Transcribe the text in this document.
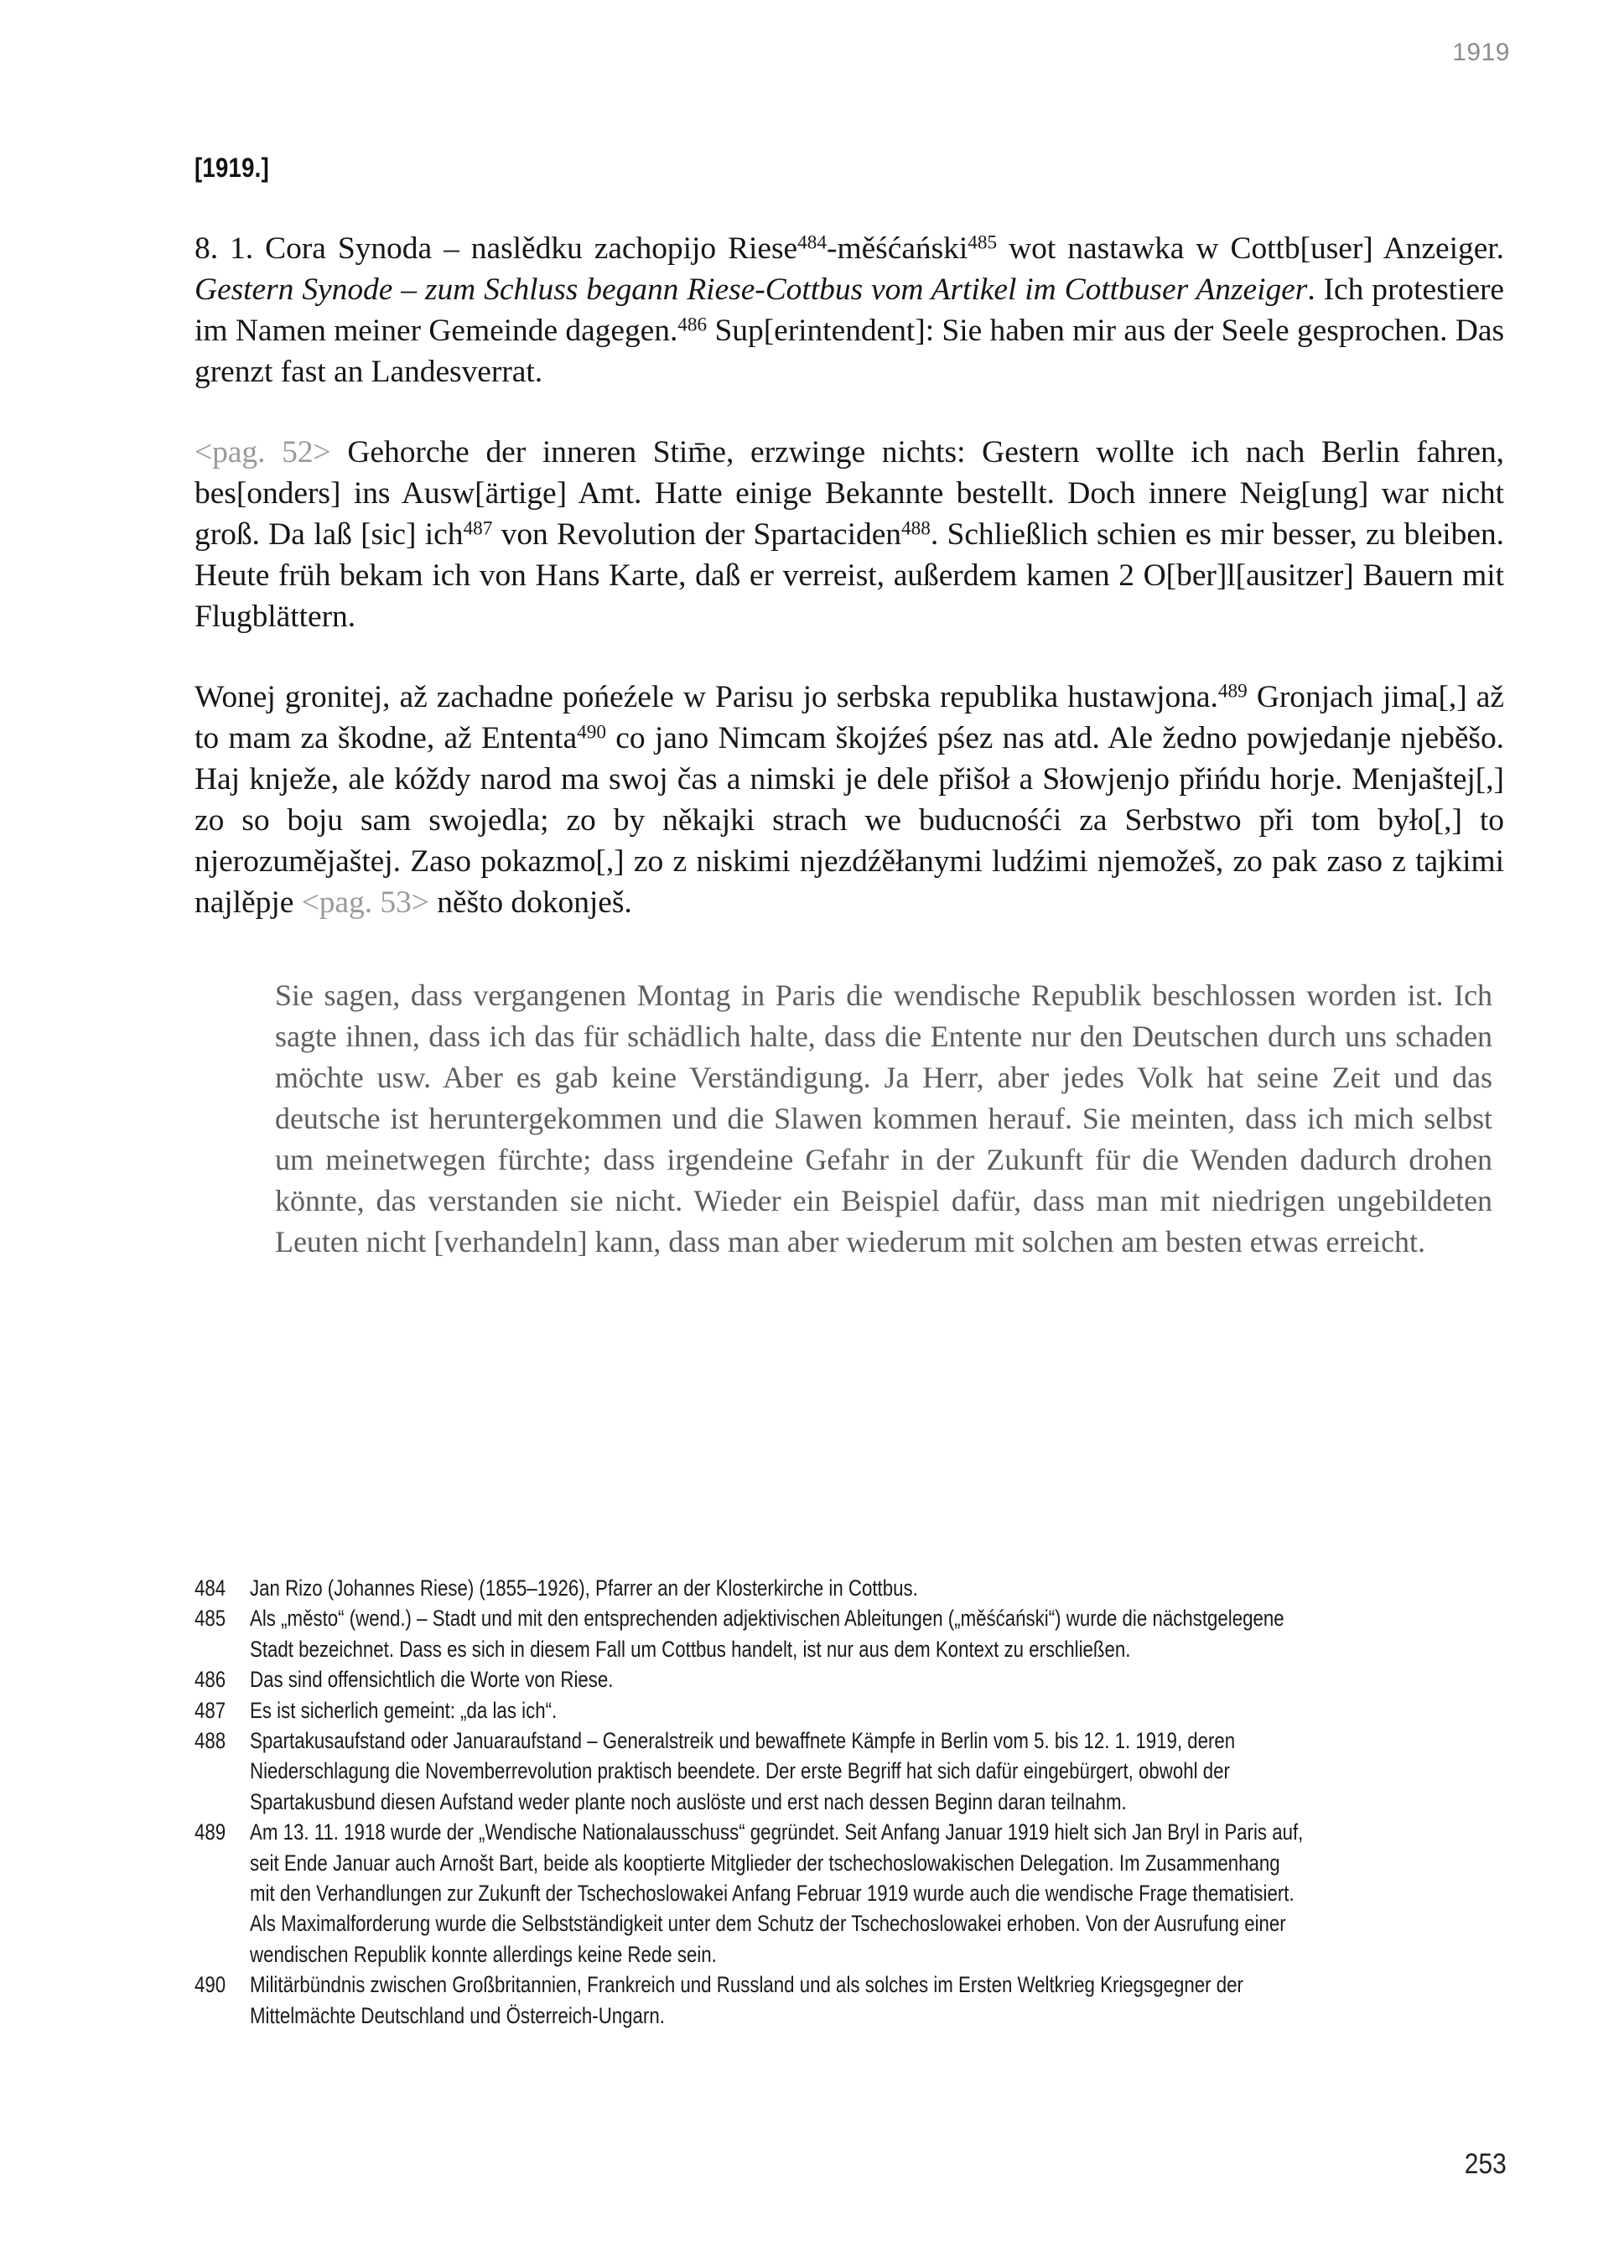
1919
[1919.]

8. 1. Cora Synoda – naslědku zachopijo Riese$^{484}$-měśćański$^{485}$ wot nastawka w Cottb[user] Anzeiger. Gestern Synode – zum Schluss begann Riese-Cottbus vom Artikel im Cottbuser Anzeiger. Ich protestiere im Namen meiner Gemeinde dagegen.$^{486}$ Sup[erintendent]: Sie haben mir aus der Seele gesprochen. Das grenzt fast an Landesverrat.

<pag. 52> Gehorche der inneren Stim̄e, erzwinge nichts: Gestern wollte ich nach Berlin fahren, bes[onders] ins Ausw[ärtige] Amt. Hatte einige Bekannte bestellt. Doch innere Neig[ung] war nicht groß. Da laß [sic] ich$^{487}$ von Revolution der Spartaciden$^{488}$. Schließlich schien es mir besser, zu bleiben. Heute früh bekam ich von Hans Karte, daß er verreist, außerdem kamen 2 O[ber]l[ausitzer] Bauern mit Flugblättern.

Wonej gronitej, až zachadne pońeźele w Parisu jo serbska republika hustawjona.$^{489}$ Gronjach jima[,] až to mam za škodne, až Ententa$^{490}$ co jano Nimcam škojźeś pśez nas atd. Ale žedno powjedanje njeběšo. Haj knježe, ale kóždy narod ma swoj čas a nimski je dele přišoł a Słowjenjo přińdu horje. Menjaštej[,] zo so boju sam swojedla; zo by někajki strach we buducnośći za Serbstwo při tom było[,] to njerozumějaštej. Zaso pokazmo[,] zo z niskimi njezdźěłanymi ludźimi njemožeš, zo pak zaso z tajkimi najlěpje <pag. 53> něšto dokonješ.

Sie sagen, dass vergangenen Montag in Paris die wendische Republik beschlossen worden ist. Ich sagte ihnen, dass ich das für schädlich halte, dass die Entente nur den Deutschen durch uns schaden möchte usw. Aber es gab keine Verständigung. Ja Herr, aber jedes Volk hat seine Zeit und das deutsche ist heruntergekommen und die Slawen kommen herauf. Sie meinten, dass ich mich selbst um meinetwegen fürchte; dass irgendeine Gefahr in der Zukunft für die Wenden dadurch drohen könnte, das verstanden sie nicht. Wieder ein Beispiel dafür, dass man mit niedrigen ungebildeten Leuten nicht [verhandeln] kann, dass man aber wiederum mit solchen am besten etwas erreicht.
484	Jan Rizo (Johannes Riese) (1855–1926), Pfarrer an der Klosterkirche in Cottbus.
485	Als „město“ (wend.) – Stadt und mit den entsprechenden adjektivischen Ableitungen („měśćański“) wurde die nächstgelegene Stadt bezeichnet. Dass es sich in diesem Fall um Cottbus handelt, ist nur aus dem Kontext zu erschließen.
486	Das sind offensichtlich die Worte von Riese.
487	Es ist sicherlich gemeint: „da las ich“.
488	Spartakusaufstand oder Januaraufstand – Generalstreik und bewaffnete Kämpfe in Berlin vom 5. bis 12. 1. 1919, deren Niederschlagung die Novemberrevolution praktisch beendete. Der erste Begriff hat sich dafür eingebürgert, obwohl der Spartakusbund diesen Aufstand weder plante noch auslöste und erst nach dessen Beginn daran teilnahm.
489	Am 13. 11. 1918 wurde der „Wendische Nationalausschuss“ gegründet. Seit Anfang Januar 1919 hielt sich Jan Bryl in Paris auf, seit Ende Januar auch Arnošt Bart, beide als kooptierte Mitglieder der tschechoslowakischen Delegation. Im Zusammenhang mit den Verhandlungen zur Zukunft der Tschechoslowakei Anfang Februar 1919 wurde auch die wendische Frage thematisiert. Als Maximalforderung wurde die Selbstständigkeit unter dem Schutz der Tschechoslowakei erhoben. Von der Ausrufung einer wendischen Republik konnte allerdings keine Rede sein.
490	Militärbündnis zwischen Großbritannien, Frankreich und Russland und als solches im Ersten Weltkrieg Kriegsgegner der Mittelmächte Deutschland und Österreich-Ungarn.
253
